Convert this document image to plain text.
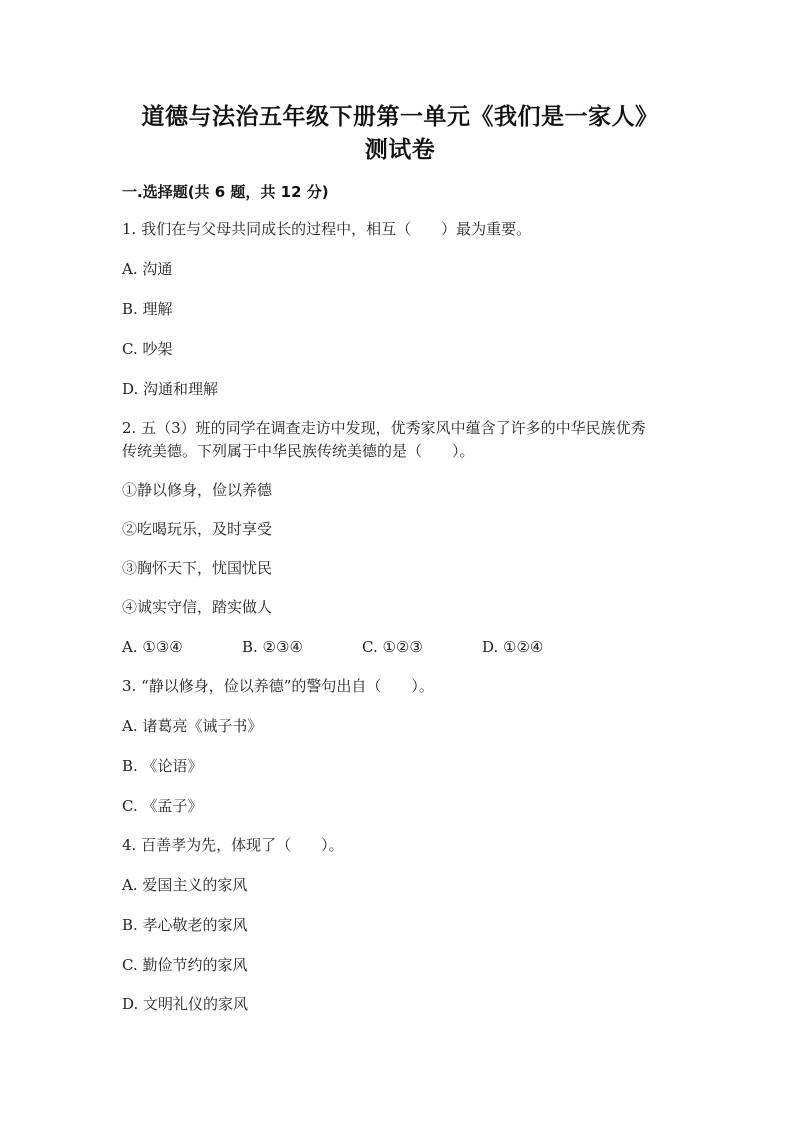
道德与法治五年级下册第一单元《我们是一家人》
测试卷
一.选择题(共 6 题，共 12 分)
1. 我们在与父母共同成长的过程中，相互（　　）最为重要。
A. 沟通
B. 理解
C. 吵架
D. 沟通和理解
2. 五（3）班的同学在调查走访中发现，优秀家风中蕴含了许多的中华民族优秀
传统美德。下列属于中华民族传统美德的是（　　）。
①静以修身，俭以养德
②吃喝玩乐，及时享受
③胸怀天下，忧国忧民
④诚实守信，踏实做人
A. ①③④	B. ②③④	C. ①②③	D. ①②④
3. “静以修身，俭以养德”的警句出自（　　）。
A. 诸葛亮《诫子书》
B. 《论语》
C. 《孟子》
4. 百善孝为先，体现了（　　）。
A. 爱国主义的家风
B. 孝心敬老的家风
C. 勤俭节约的家风
D. 文明礼仪的家风
